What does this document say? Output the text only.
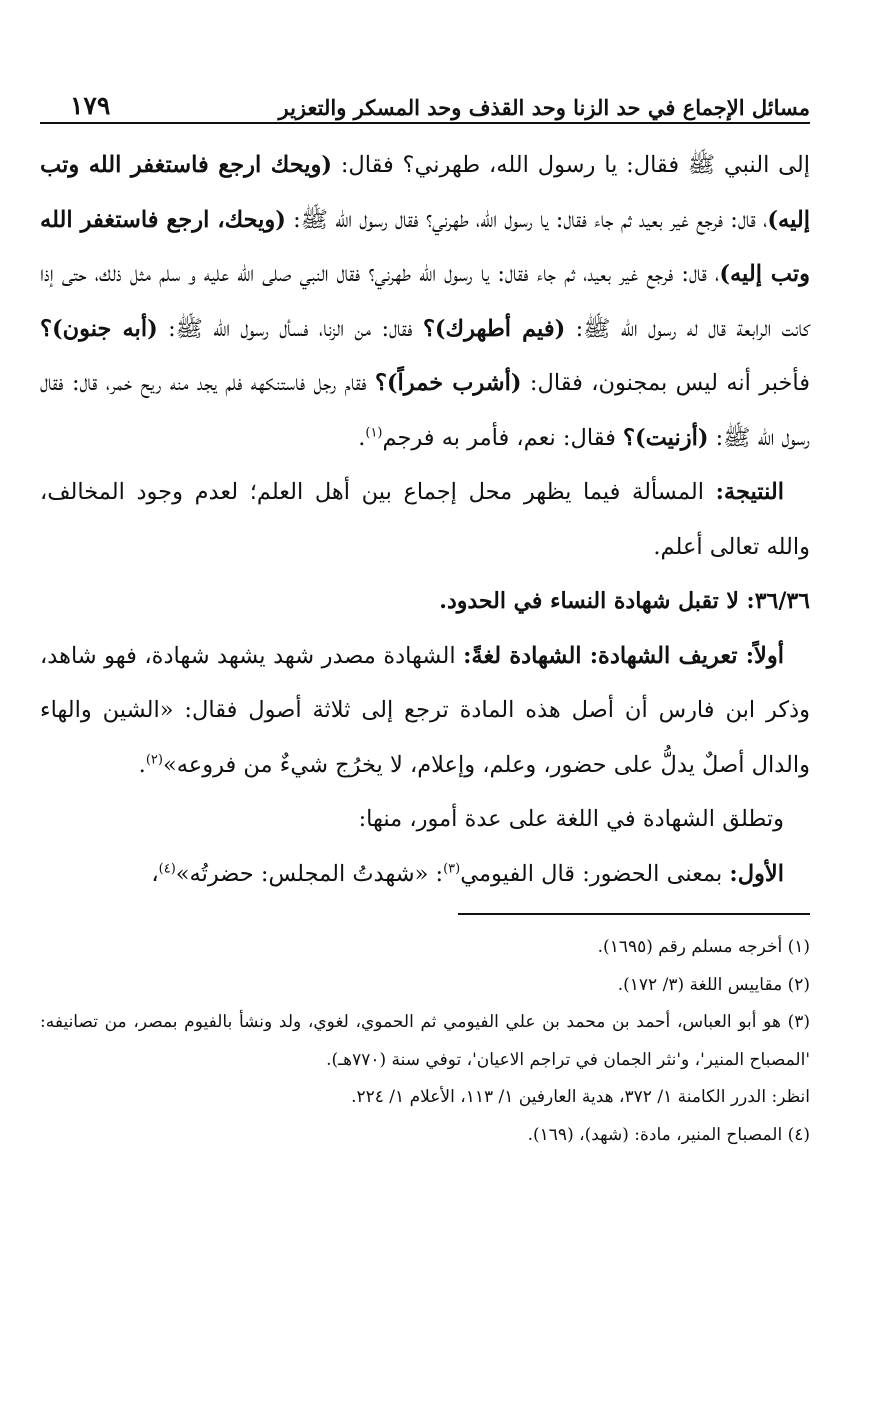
مسائل الإجماع في حد الزنا وحد القذف وحد المسكر والتعزير
١٧٩

إلى النبي ﷺ فقال: يا رسول الله، طهرني؟ فقال: (ويحك ارجع فاستغفر الله وتب إليه)، قال: فرجع غير بعيد ثم جاء فقال: يا رسول الله، طهرني؟ فقال رسول الله ﷺ: (ويحك، ارجع فاستغفر الله وتب إليه)، قال: فرجع غير بعيد، ثم جاء فقال: يا رسول الله طهرني؟ فقال النبي صلى الله عليه و سلم مثل ذلك، حتى إذا كانت الرابعة قال له رسول الله ﷺ: (فيم أطهرك)؟ فقال: من الزنا، فسأل رسول الله ﷺ: (أبه جنون)؟ فأخبر أنه ليس بمجنون، فقال: (أشرب خمراً)؟ فقام رجل فاستنكهه فلم يجد منه ريح خمر، قال: فقال رسول الله ﷺ: (أزنيت)؟ فقال: نعم، فأمر به فرجم$^{(١)}$.

النتيجة: المسألة فيما يظهر محل إجماع بين أهل العلم؛ لعدم وجود المخالف، والله تعالى أعلم.

٣٦/٣٦: لا تقبل شهادة النساء في الحدود.

أولاً: تعريف الشهادة: الشهادة لغةً: الشهادة مصدر شهد يشهد شهادة، فهو شاهد، وذكر ابن فارس أن أصل هذه المادة ترجع إلى ثلاثة أصول فقال: «الشين والهاء والدال أصلٌ يدلُّ على حضور، وعلم، وإعلام، لا يخرُج شيءٌ من فروعه»$^{(٢)}$.

وتطلق الشهادة في اللغة على عدة أمور، منها:

الأول: بمعنى الحضور: قال الفيومي$^{(٣)}$: «شهدتُ المجلس: حضرتُه»$^{(٤)}$،

(١) أخرجه مسلم رقم (١٦٩٥).

(٢) مقاييس اللغة (٣/ ١٧٢).

(٣) هو أبو العباس، أحمد بن محمد بن علي الفيومي ثم الحموي، لغوي، ولد ونشأ بالفيوم بمصر، من تصانيفه: 'المصباح المنير'، و'نثر الجمان في تراجم الاعيان'، توفي سنة (٧٧٠هـ).

انظر: الدرر الكامنة ١/ ٣٧٢، هدية العارفين ١/ ١١٣، الأعلام ١/ ٢٢٤.

(٤) المصباح المنير، مادة: (شهد)، (١٦٩).
